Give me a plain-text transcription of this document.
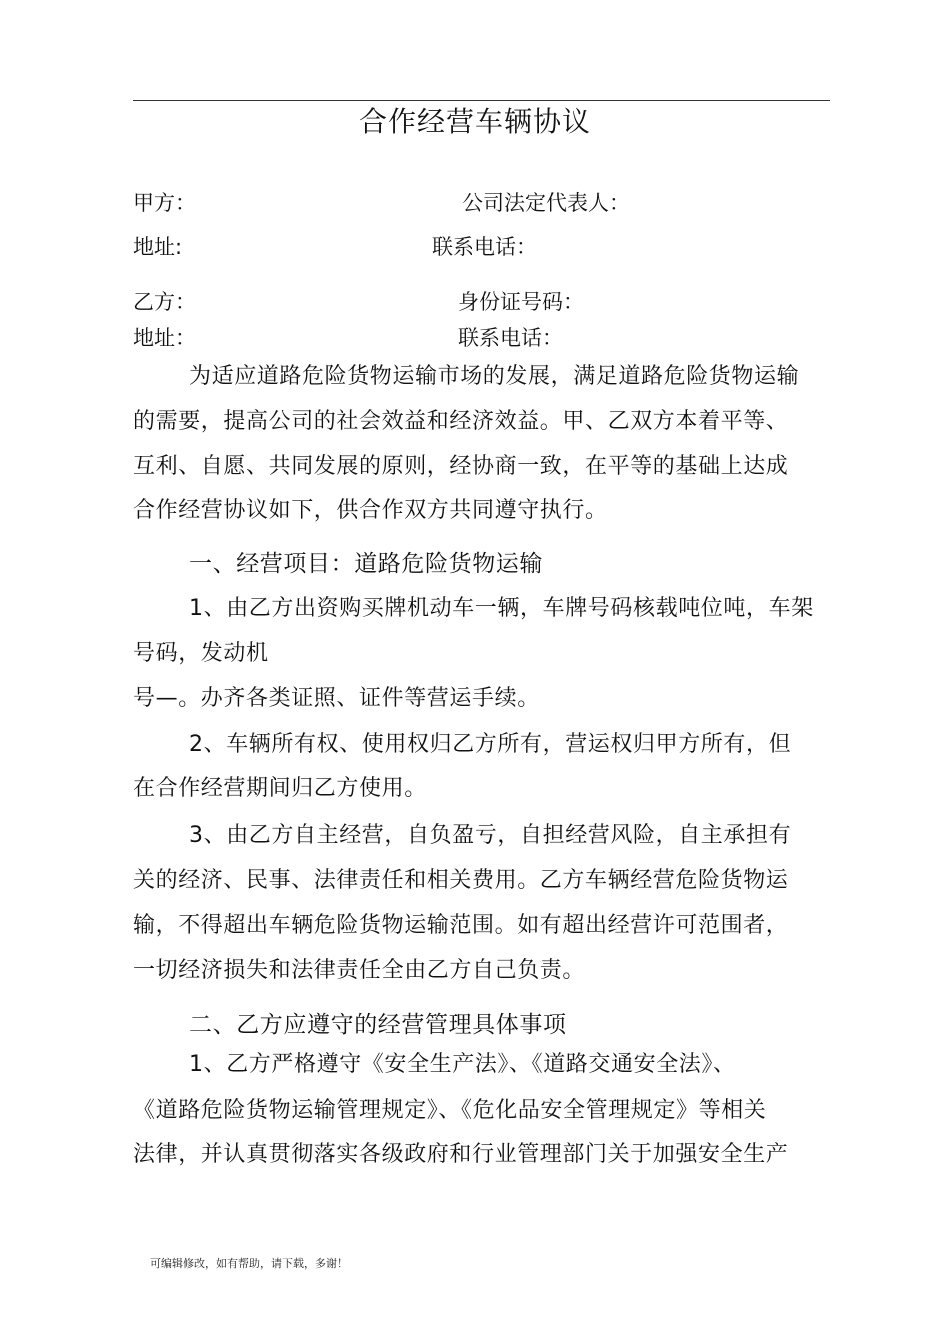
合作经营车辆协议
甲方：	公司法定代表人：
地址:	联系电话：
乙方：	身份证号码：
地址：	联系电话：
为适应道路危险货物运输市场的发展，满足道路危险货物运输
的需要，提高公司的社会效益和经济效益。甲、乙双方本着平等、
互利、自愿、共同发展的原则，经协商一致，在平等的基础上达成
合作经营协议如下，供合作双方共同遵守执行。
一、经营项目：道路危险货物运输
1、由乙方出资购买牌机动车一辆，车牌号码核载吨位吨，车架
号码，发动机
号—。办齐各类证照、证件等营运手续。
2、车辆所有权、使用权归乙方所有，营运权归甲方所有，但
在合作经营期间归乙方使用。
3、由乙方自主经营，自负盈亏，自担经营风险，自主承担有
关的经济、民事、法律责任和相关费用。乙方车辆经营危险货物运
输，不得超出车辆危险货物运输范围。如有超出经营许可范围者，
一切经济损失和法律责任全由乙方自己负责。
二、乙方应遵守的经营管理具体事项
1、乙方严格遵守《安全生产法》、《道路交通安全法》、
《道路危险货物运输管理规定》、《危化品安全管理规定》等相关
法律，并认真贯彻落实各级政府和行业管理部门关于加强安全生产
可编辑修改，如有帮助，请下载，多谢！
